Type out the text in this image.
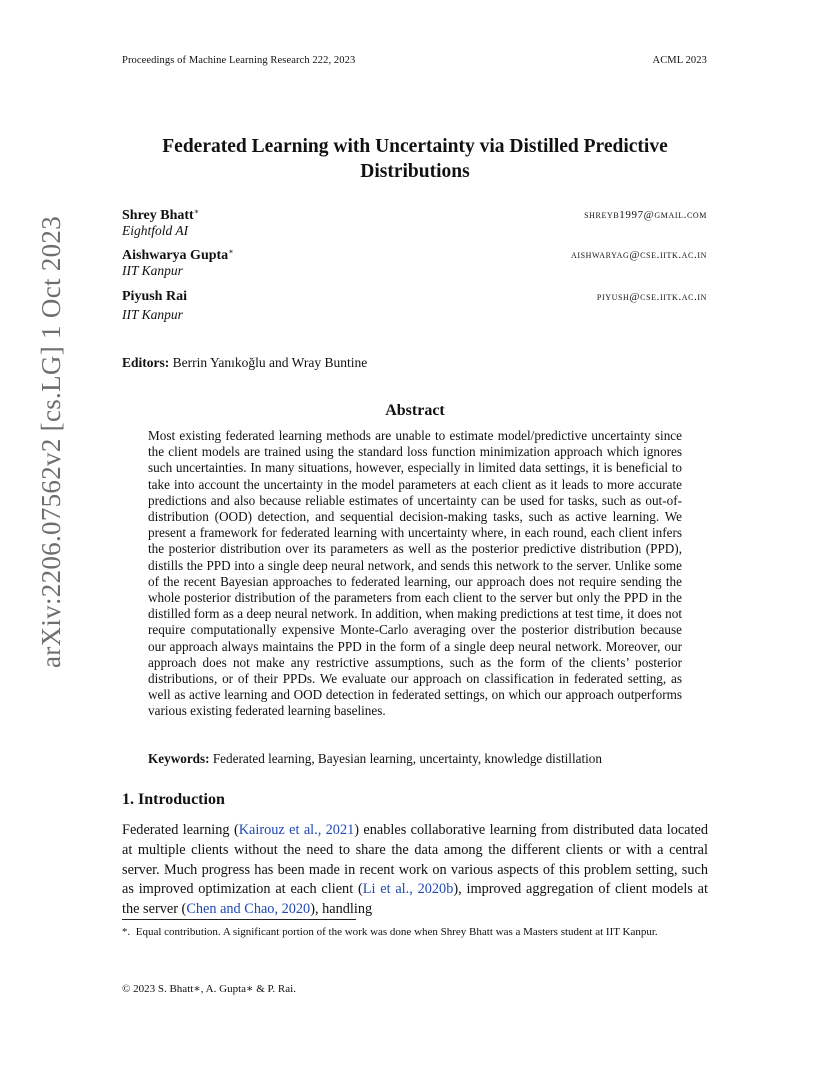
Proceedings of Machine Learning Research 222, 2023	ACML 2023
Federated Learning with Uncertainty via Distilled Predictive Distributions
Shrey Bhatt∗	shreyb1997@gmail.com
Eightfold AI
Aishwarya Gupta∗	aishwaryag@cse.iitk.ac.in
IIT Kanpur
Piyush Rai	piyush@cse.iitk.ac.in
IIT Kanpur
Editors: Berrin Yanıkoğlu and Wray Buntine
Abstract
Most existing federated learning methods are unable to estimate model/predictive uncertainty since the client models are trained using the standard loss function minimization approach which ignores such uncertainties. In many situations, however, especially in limited data settings, it is beneficial to take into account the uncertainty in the model parameters at each client as it leads to more accurate predictions and also because reliable estimates of uncertainty can be used for tasks, such as out-of-distribution (OOD) detection, and sequential decision-making tasks, such as active learning. We present a framework for federated learning with uncertainty where, in each round, each client infers the posterior distribution over its parameters as well as the posterior predictive distribution (PPD), distills the PPD into a single deep neural network, and sends this network to the server. Unlike some of the recent Bayesian approaches to federated learning, our approach does not require sending the whole posterior distribution of the parameters from each client to the server but only the PPD in the distilled form as a deep neural network. In addition, when making predictions at test time, it does not require computationally expensive Monte-Carlo averaging over the posterior distribution because our approach always maintains the PPD in the form of a single deep neural network. Moreover, our approach does not make any restrictive assumptions, such as the form of the clients’ posterior distributions, or of their PPDs. We evaluate our approach on classification in federated setting, as well as active learning and OOD detection in federated settings, on which our approach outperforms various existing federated learning baselines.
Keywords: Federated learning, Bayesian learning, uncertainty, knowledge distillation
1. Introduction
Federated learning (Kairouz et al., 2021) enables collaborative learning from distributed data located at multiple clients without the need to share the data among the different clients or with a central server. Much progress has been made in recent work on various aspects of this problem setting, such as improved optimization at each client (Li et al., 2020b), improved aggregation of client models at the server (Chen and Chao, 2020), handling
*. Equal contribution. A significant portion of the work was done when Shrey Bhatt was a Masters student at IIT Kanpur.
© 2023 S. Bhatt∗, A. Gupta∗ & P. Rai.
arXiv:2206.07562v2 [cs.LG] 1 Oct 2023
